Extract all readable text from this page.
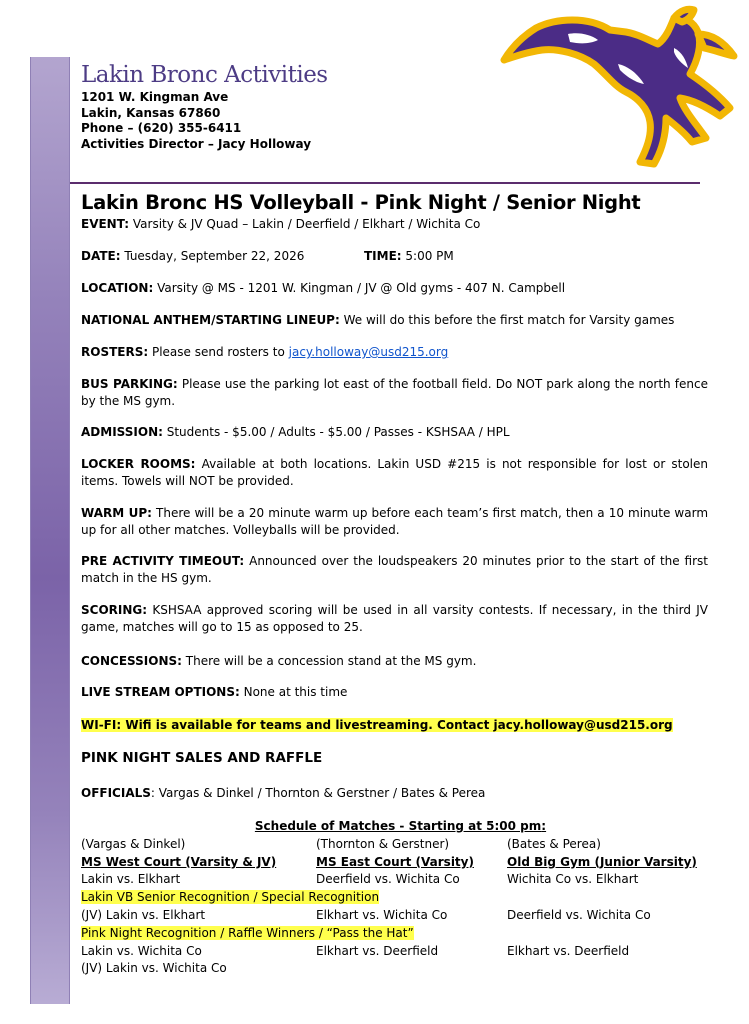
Lakin Bronc Activities
1201 W. Kingman Ave
Lakin, Kansas 67860
Phone – (620) 355-6411
Activities Director – Jacy Holloway
Lakin Bronc HS Volleyball - Pink Night / Senior Night
EVENT: Varsity & JV Quad – Lakin / Deerfield / Elkhart / Wichita Co
DATE: Tuesday, September 22, 2026	TIME: 5:00 PM
LOCATION: Varsity @ MS - 1201 W. Kingman / JV @ Old gyms - 407 N. Campbell
NATIONAL ANTHEM/STARTING LINEUP: We will do this before the first match for Varsity games
ROSTERS: Please send rosters to jacy.holloway@usd215.org
BUS PARKING: Please use the parking lot east of the football field. Do NOT park along the north fence by the MS gym.
ADMISSION: Students - $5.00 / Adults - $5.00 / Passes - KSHSAA / HPL
LOCKER ROOMS: Available at both locations. Lakin USD #215 is not responsible for lost or stolen items. Towels will NOT be provided.
WARM UP: There will be a 20 minute warm up before each team’s first match, then a 10 minute warm up for all other matches. Volleyballs will be provided.
PRE ACTIVITY TIMEOUT: Announced over the loudspeakers 20 minutes prior to the start of the first match in the HS gym.
SCORING: KSHSAA approved scoring will be used in all varsity contests. If necessary, in the third JV game, matches will go to 15 as opposed to 25.
CONCESSIONS: There will be a concession stand at the MS gym.
LIVE STREAM OPTIONS: None at this time
WI-FI: Wifi is available for teams and livestreaming. Contact jacy.holloway@usd215.org
PINK NIGHT SALES AND RAFFLE
OFFICIALS: Vargas & Dinkel / Thornton & Gerstner / Bates & Perea
Schedule of Matches - Starting at 5:00 pm:
(Vargas & Dinkel)	(Thornton & Gerstner)	(Bates & Perea)
MS West Court (Varsity & JV)	MS East Court (Varsity)	Old Big Gym (Junior Varsity)
Lakin vs. Elkhart	Deerfield vs. Wichita Co	Wichita Co vs. Elkhart
Lakin VB Senior Recognition / Special Recognition
(JV) Lakin vs. Elkhart	Elkhart vs. Wichita Co	Deerfield vs. Wichita Co
Pink Night Recognition / Raffle Winners / “Pass the Hat”
Lakin vs. Wichita Co	Elkhart vs. Deerfield	Elkhart vs. Deerfield
(JV) Lakin vs. Wichita Co
